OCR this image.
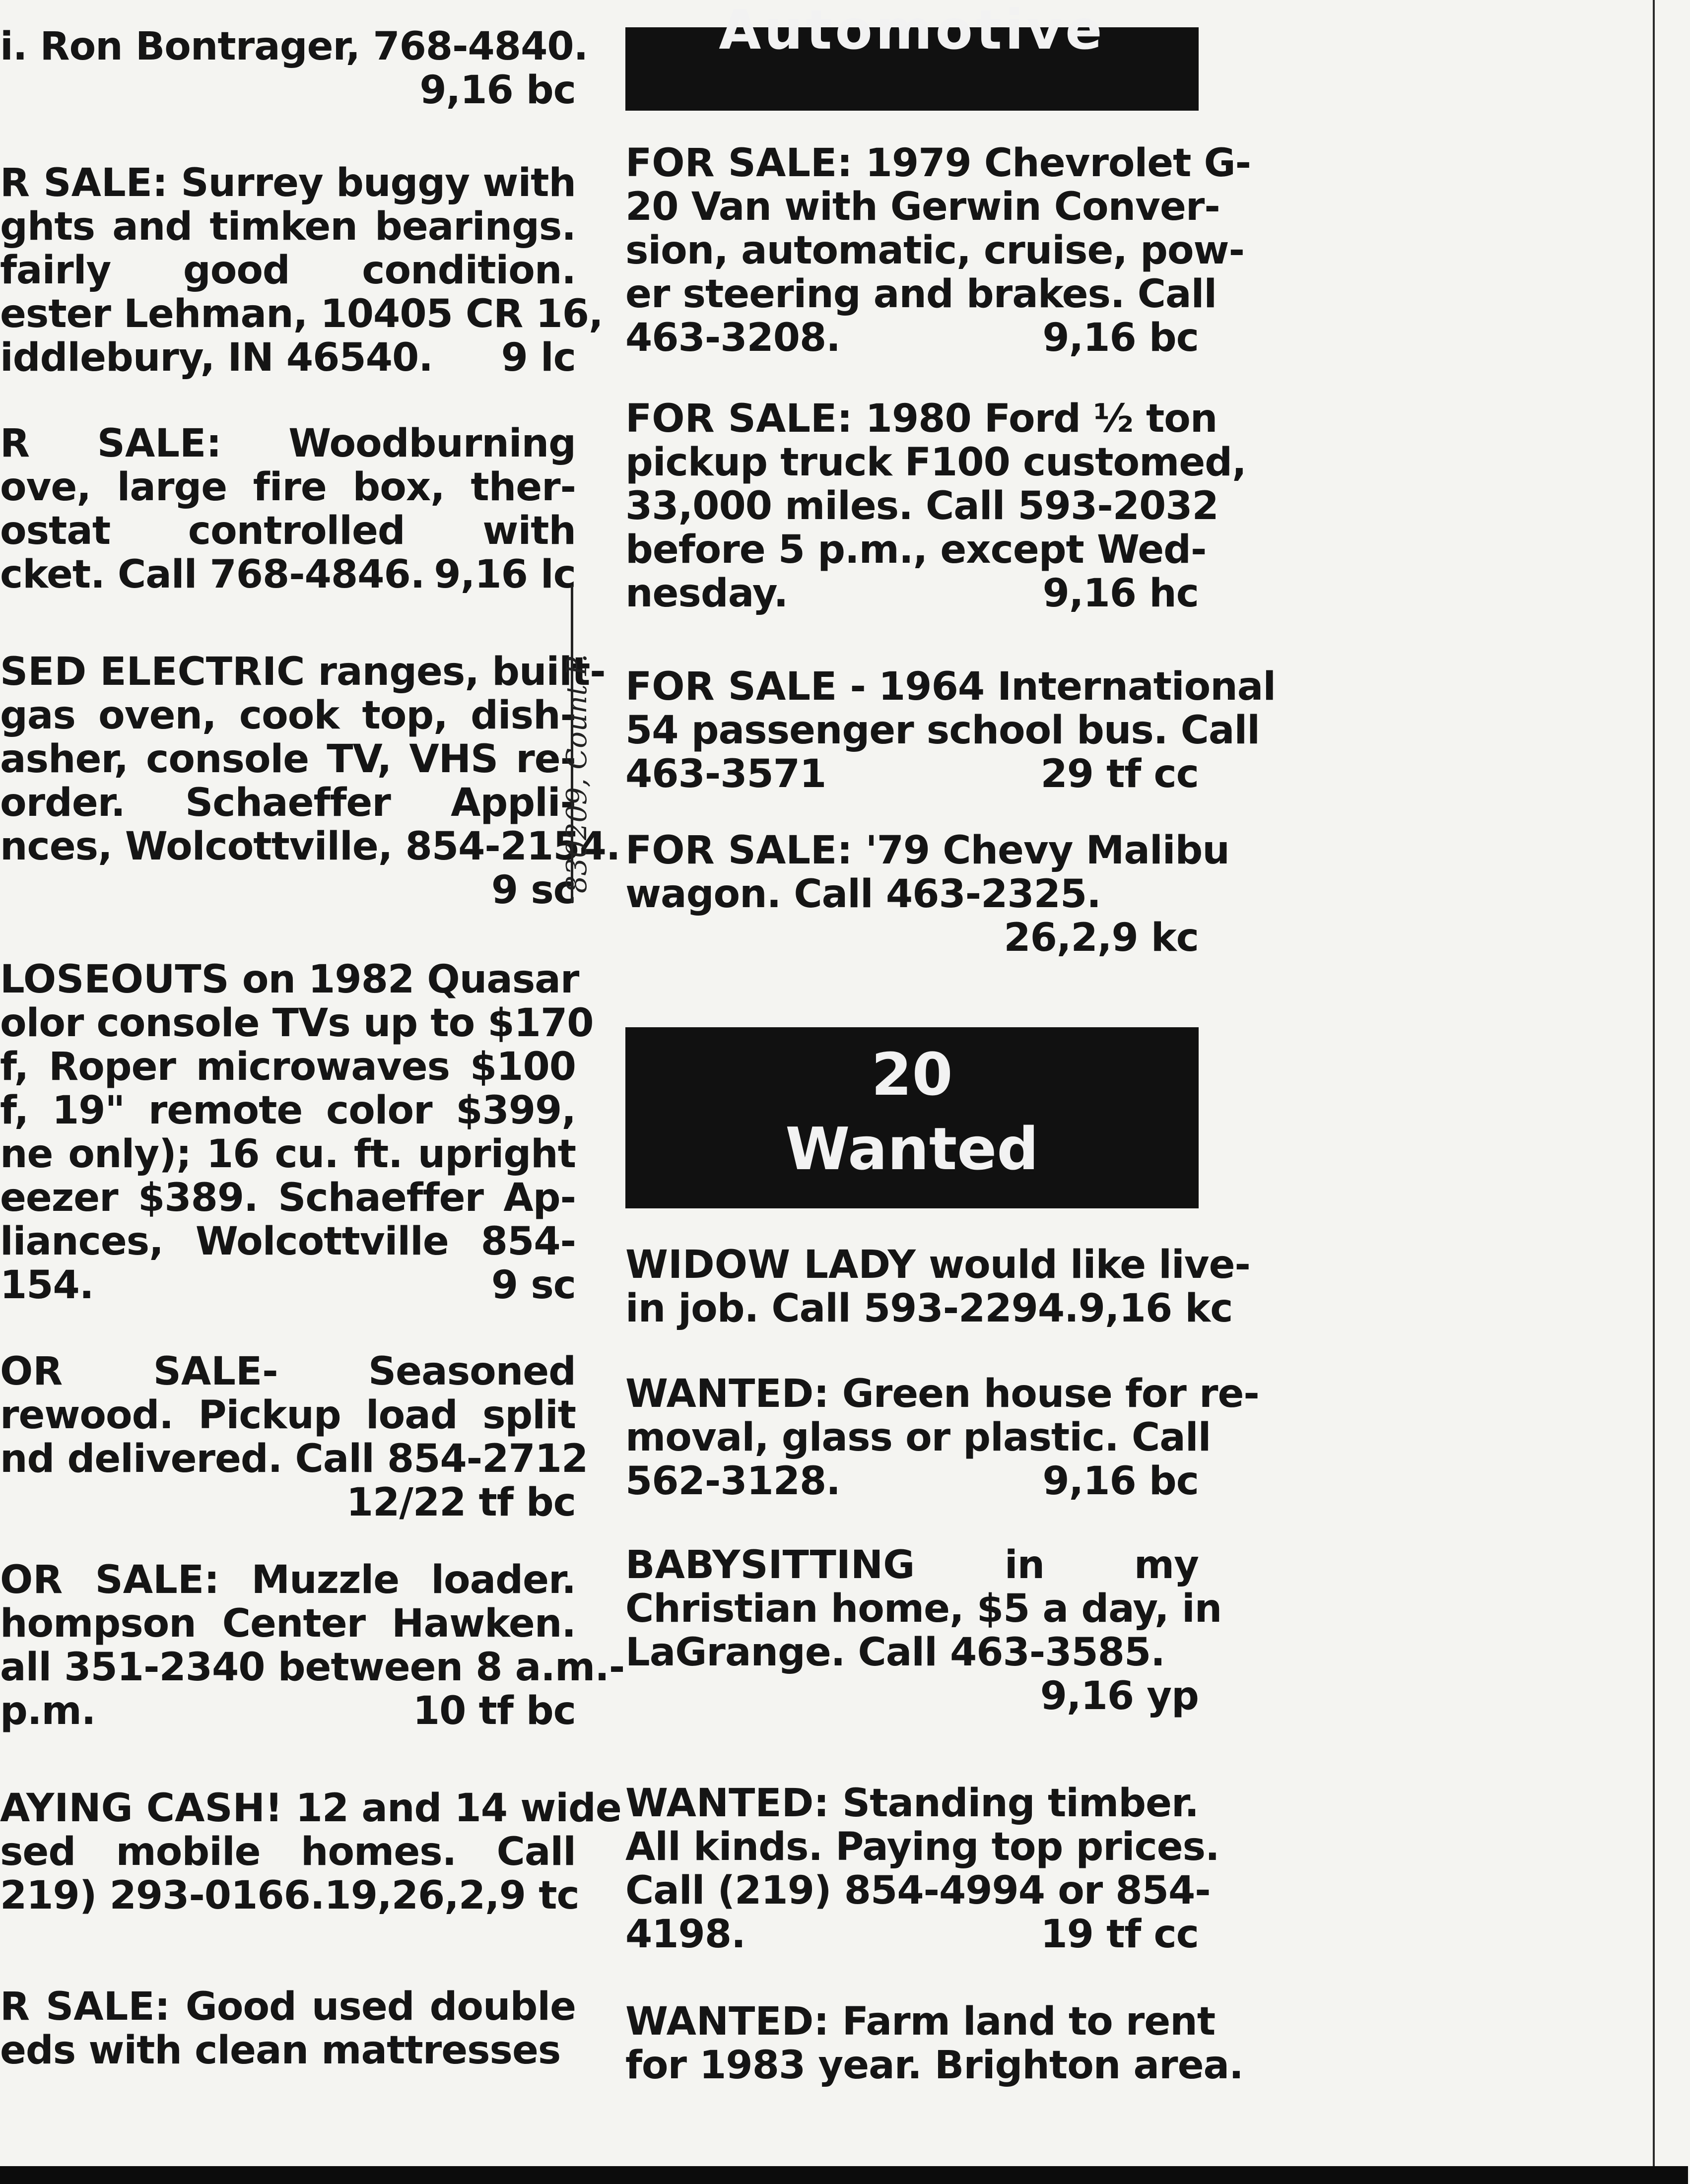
i. Ron Bontrager, 768-4840.
9,16 bc
R SALE: Surrey buggy with
ghts and timken bearings.
fairly good condition.
ester Lehman, 10405 CR 16,
iddlebury, IN 46540. 9 lc
R SALE: Woodburning
ove, large fire box, ther-
ostat controlled with
cket. Call 768-4846. 9,16 lc
SED ELECTRIC ranges, built-
gas oven, cook top, dish-
asher, console TV, VHS re-
order. Schaeffer Appli-
nces, Wolcottville, 854-2154.
9 sc
LOSEOUTS on 1982 Quasar
olor console TVs up to $170
f, Roper microwaves $100
f, 19" remote color $399,
ne only); 16 cu. ft. upright
eezer $389. Schaeffer Ap-
liances, Wolcottville 854-
154.	9 sc
OR SALE- Seasoned
rewood. Pickup load split
nd delivered. Call 854-2712
12/22 tf bc
OR SALE: Muzzle loader.
hompson Center Hawken.
all 351-2340 between 8 a.m.-
p.m.	10 tf bc
AYING CASH! 12 and 14 wide
sed mobile homes. Call
219) 293-0166. 19,26,2,9 tc
R SALE: Good used double
eds with clean mattresses
Automotive
20
Wanted
FOR SALE: 1979 Chevrolet G-
20 Van with Gerwin Conver-
sion, automatic, cruise, pow-
er steering and brakes. Call
463-3208.	9,16 bc
FOR SALE: 1980 Ford ½ ton
pickup truck F100 customed,
33,000 miles. Call 593-2032
before 5 p.m., except Wed-
nesday.	9,16 hc
FOR SALE - 1964 International
54 passenger school bus. Call
463-3571	29 tf cc
FOR SALE: '79 Chevy Malibu
wagon. Call 463-2325.
26,2,9 kc
WIDOW LADY would like live-
in job. Call 593-2294. 9,16 kc
WANTED: Green house for re-
moval, glass or plastic. Call
562-3128.	9,16 bc
BABYSITTING in my
Christian home, $5 a day, in
LaGrange. Call 463-3585.
9,16 yp
WANTED: Standing timber.
All kinds. Paying top prices.
Call (219) 854-4994 or 854-
4198.	19 tf cc
WANTED: Farm land to rent
for 1983 year. Brighton area.
830209, Count P.
